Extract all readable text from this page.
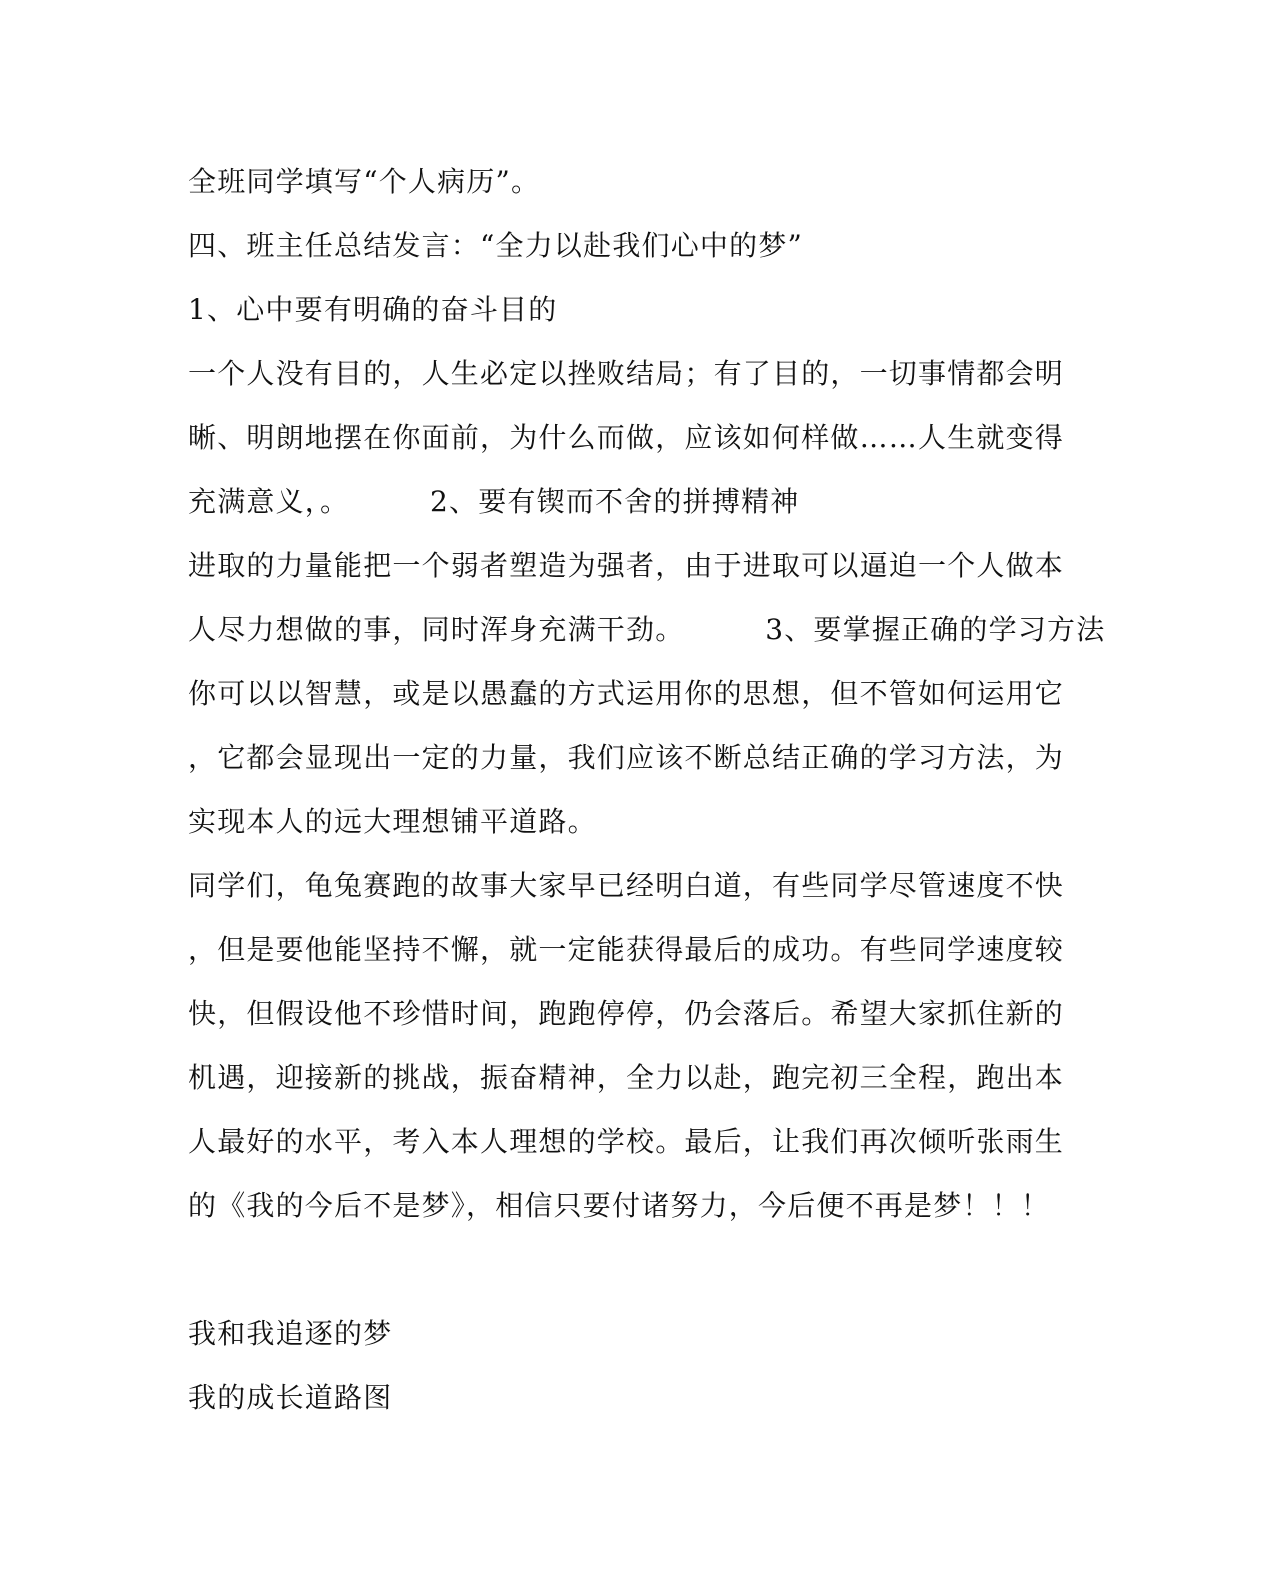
全班同学填写“个人病历”。
四、班主任总结发言：“全力以赴我们心中的梦”
1、心中要有明确的奋斗目的
一个人没有目的，人生必定以挫败结局；有了目的，一切事情都会明
晰、明朗地摆在你面前，为什么而做，应该如何样做……人生就变得
充满意义，。        2、要有锲而不舍的拼搏精神
进取的力量能把一个弱者塑造为强者，由于进取可以逼迫一个人做本
人尽力想做的事，同时浑身充满干劲。        3、要掌握正确的学习方法
你可以以智慧，或是以愚蠢的方式运用你的思想，但不管如何运用它
，它都会显现出一定的力量，我们应该不断总结正确的学习方法，为
实现本人的远大理想铺平道路。
同学们，龟兔赛跑的故事大家早已经明白道，有些同学尽管速度不快
，但是要他能坚持不懈，就一定能获得最后的成功。有些同学速度较
快，但假设他不珍惜时间，跑跑停停，仍会落后。希望大家抓住新的
机遇，迎接新的挑战，振奋精神，全力以赴，跑完初三全程，跑出本
人最好的水平，考入本人理想的学校。最后，让我们再次倾听张雨生
的《我的今后不是梦》，相信只要付诸努力，今后便不再是梦！！！
我和我追逐的梦
我的成长道路图
